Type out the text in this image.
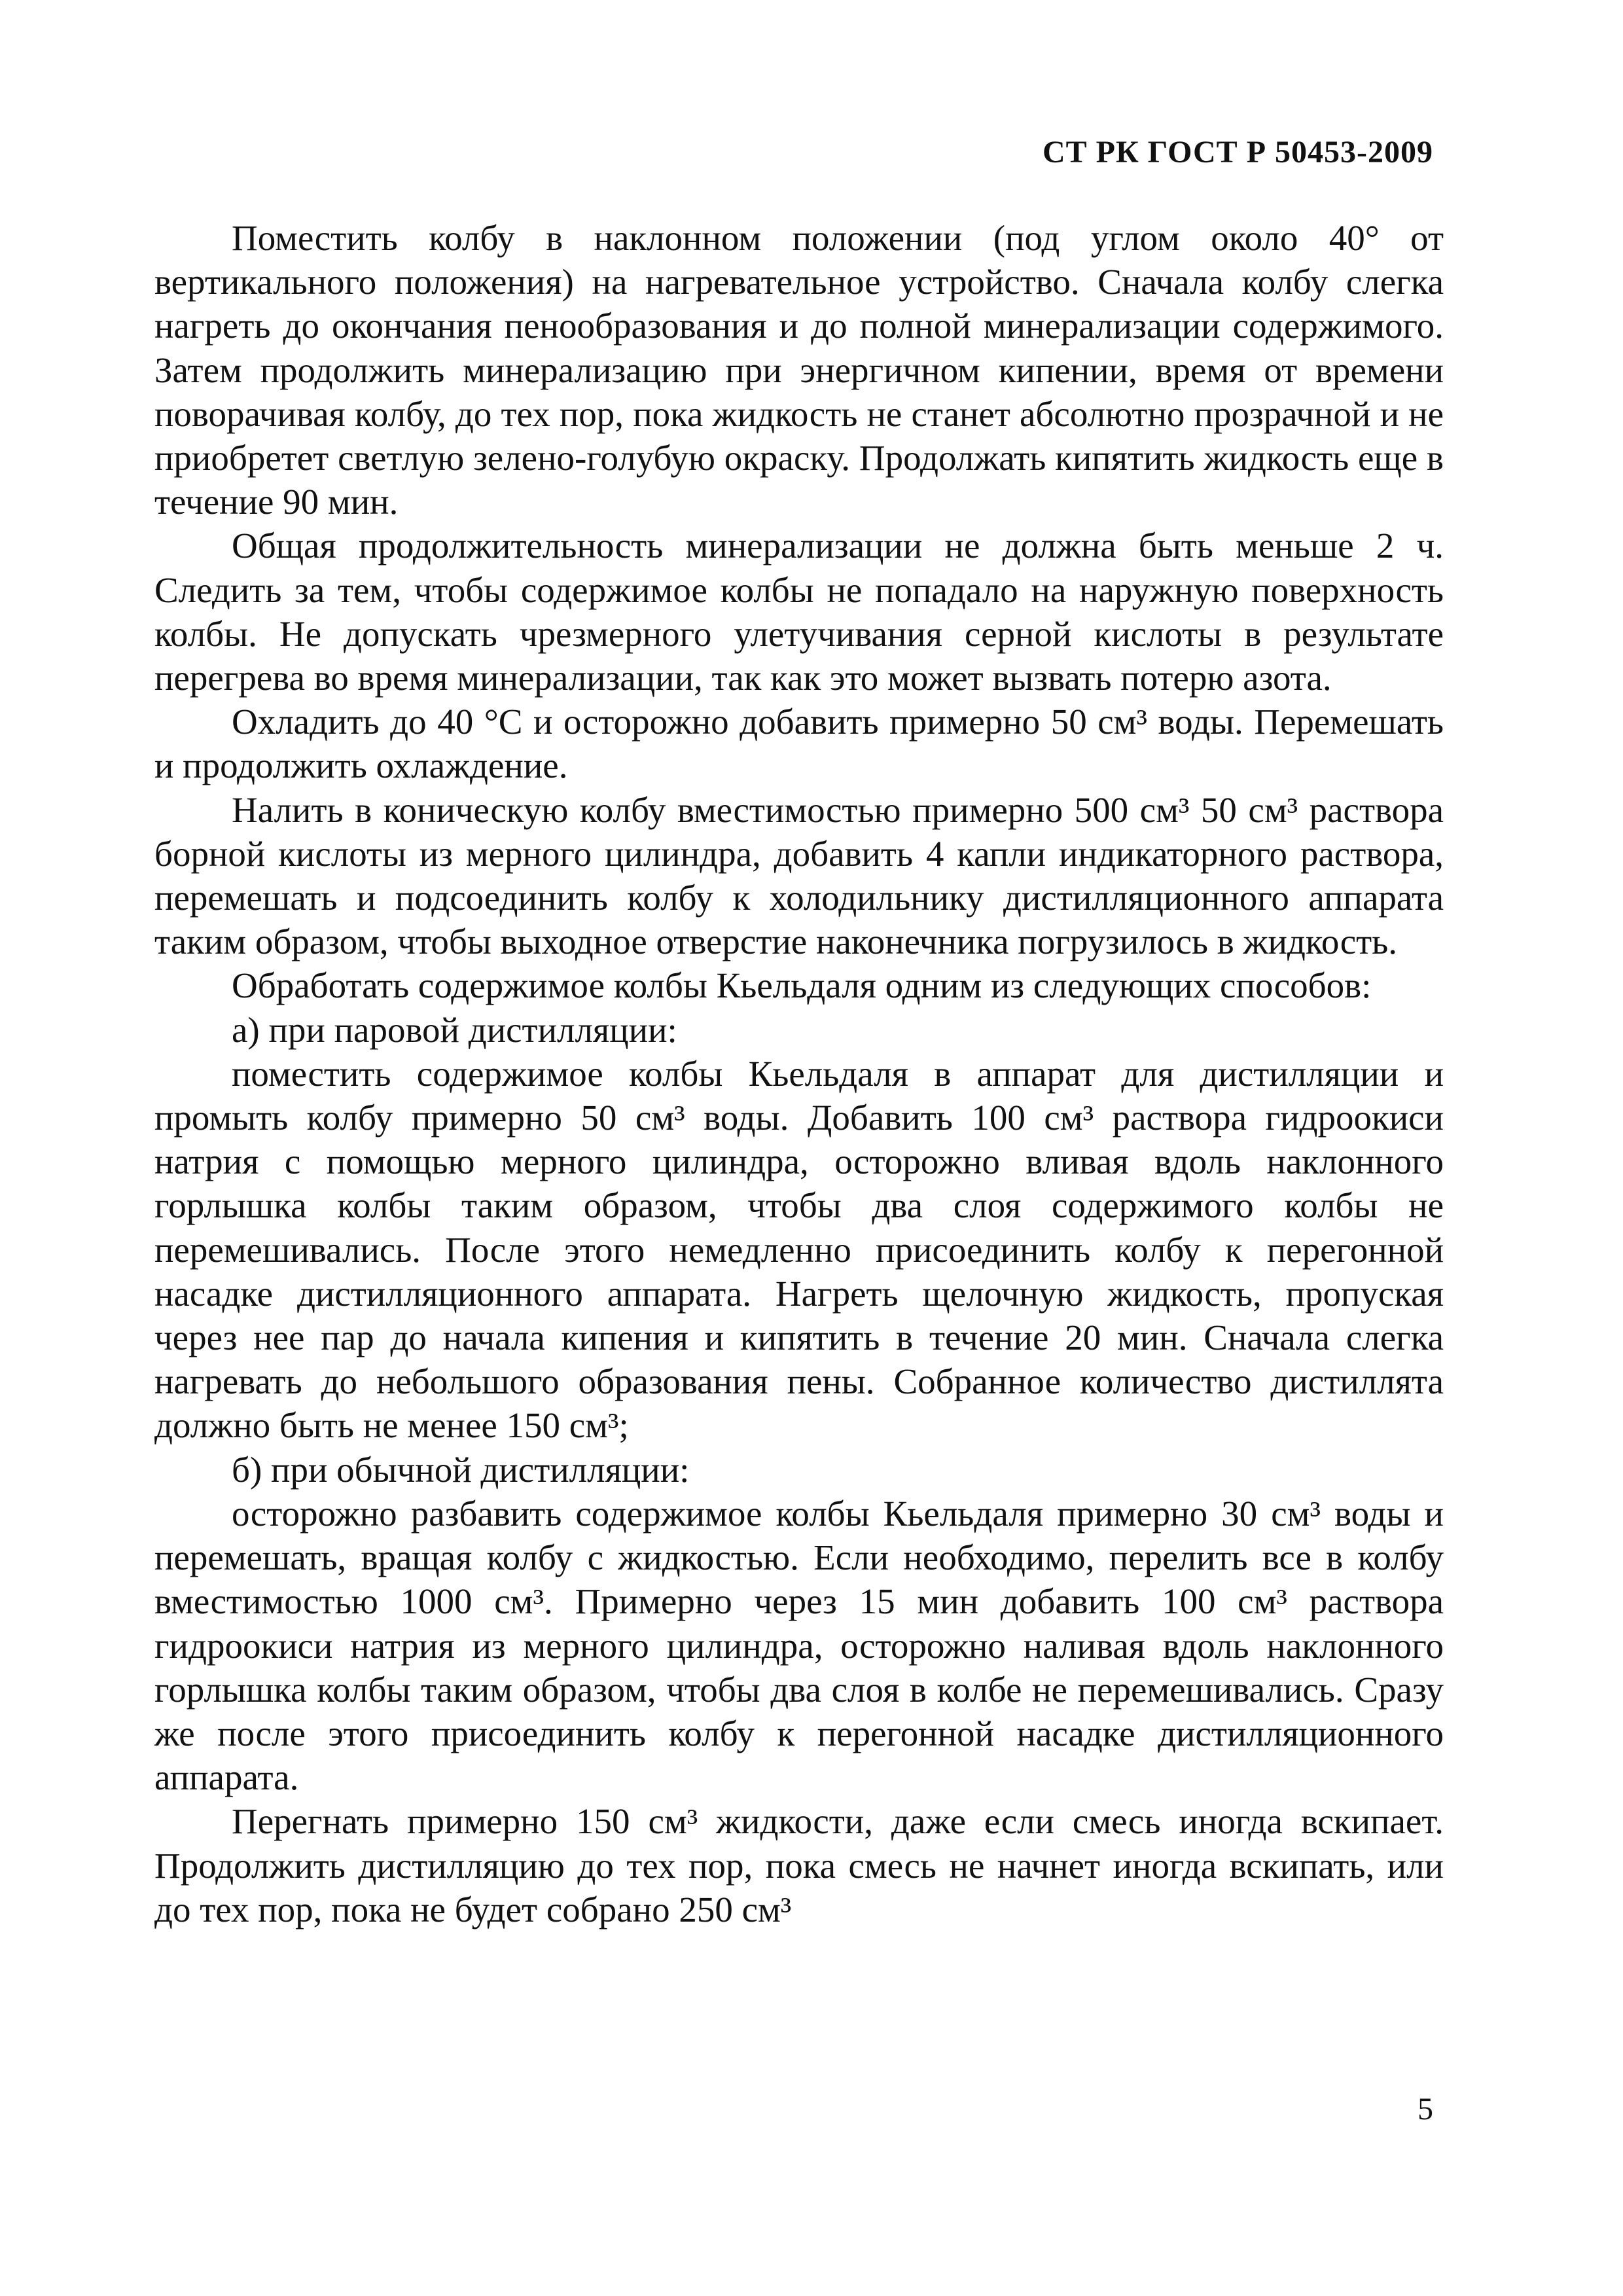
СТ РК ГОСТ Р 50453-2009

Поместить колбу в наклонном положении (под углом около 40° от вертикального положения) на нагревательное устройство. Сначала колбу слегка нагреть до окончания пенообразования и до полной минерализации содержимого. Затем продолжить минерализацию при энергичном кипении, время от времени поворачивая колбу, до тех пор, пока жидкость не станет абсолютно прозрачной и не приобретет светлую зелено-голубую окраску. Продолжать кипятить жидкость еще в течение 90 мин.

Общая продолжительность минерализации не должна быть меньше 2 ч. Следить за тем, чтобы содержимое колбы не попадало на наружную поверхность колбы. Не допускать чрезмерного улетучивания серной кислоты в результате перегрева во время минерализации, так как это может вызвать потерю азота.

Охладить до 40 °С и осторожно добавить примерно 50 см³ воды. Перемешать и продолжить охлаждение.

Налить в коническую колбу вместимостью примерно 500 см³ 50 см³ раствора борной кислоты из мерного цилиндра, добавить 4 капли индикаторного раствора, перемешать и подсоединить колбу к холодильнику дистилляционного аппарата таким образом, чтобы выходное отверстие наконечника погрузилось в жидкость.

Обработать содержимое колбы Кьельдаля одним из следующих способов:

а) при паровой дистилляции:

поместить содержимое колбы Кьельдаля в аппарат для дистилляции и промыть колбу примерно 50 см³ воды. Добавить 100 см³ раствора гидроокиси натрия с помощью мерного цилиндра, осторожно вливая вдоль наклонного горлышка колбы таким образом, чтобы два слоя содержимого колбы не перемешивались. После этого немедленно присоединить колбу к перегонной насадке дистилляционного аппарата. Нагреть щелочную жидкость, пропуская через нее пар до начала кипения и кипятить в течение 20 мин. Сначала слегка нагревать до небольшого образования пены. Собранное количество дистиллята должно быть не менее 150 см³;

б) при обычной дистилляции:

осторожно разбавить содержимое колбы Кьельдаля примерно 30 см³ воды и перемешать, вращая колбу с жидкостью. Если необходимо, перелить все в колбу вместимостью 1000 см³. Примерно через 15 мин добавить 100 см³ раствора гидроокиси натрия из мерного цилиндра, осторожно наливая вдоль наклонного горлышка колбы таким образом, чтобы два слоя в колбе не перемешивались. Сразу же после этого присоединить колбу к перегонной насадке дистилляционного аппарата.

Перегнать примерно 150 см³ жидкости, даже если смесь иногда вскипает. Продолжить дистилляцию до тех пор, пока смесь не начнет иногда вскипать, или до тех пор, пока не будет собрано 250 см³

5
